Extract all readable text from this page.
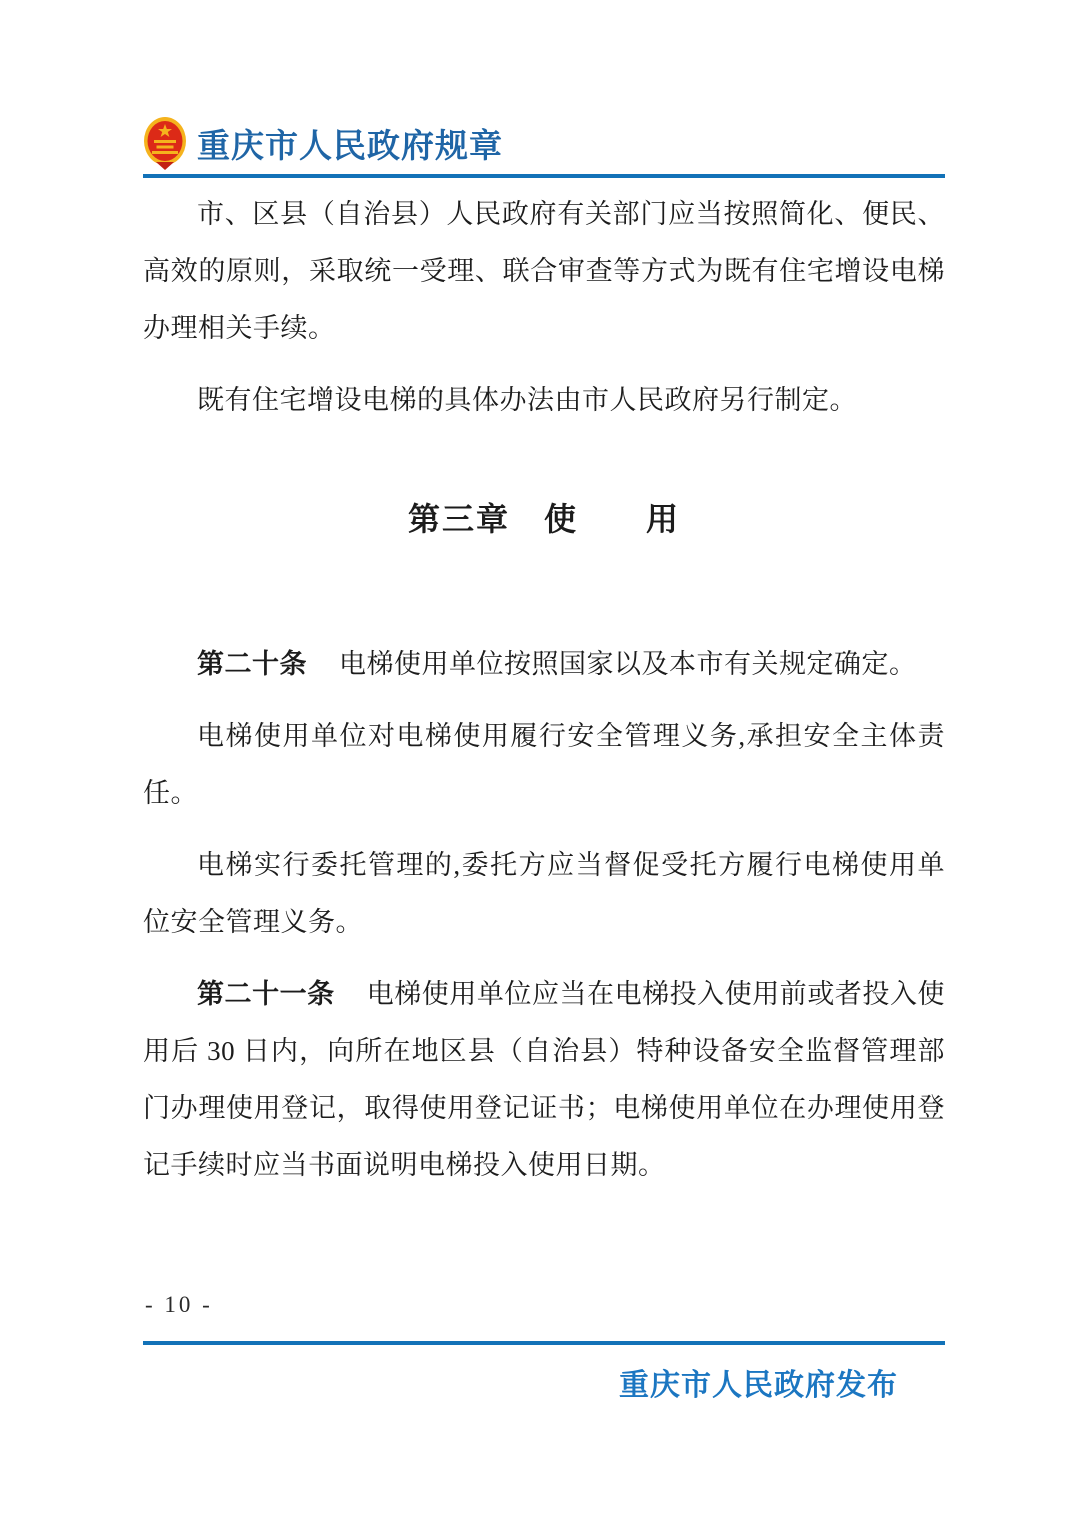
重庆市人民政府规章

市、区县（自治县）人民政府有关部门应当按照简化、便民、高效的原则，采取统一受理、联合审查等方式为既有住宅增设电梯办理相关手续。

既有住宅增设电梯的具体办法由市人民政府另行制定。

第三章　使　　用

第二十条 电梯使用单位按照国家以及本市有关规定确定。

电梯使用单位对电梯使用履行安全管理义务,承担安全主体责任。

电梯实行委托管理的,委托方应当督促受托方履行电梯使用单位安全管理义务。

第二十一条 电梯使用单位应当在电梯投入使用前或者投入使用后 30 日内，向所在地区县（自治县）特种设备安全监督管理部门办理使用登记，取得使用登记证书；电梯使用单位在办理使用登记手续时应当书面说明电梯投入使用日期。

- 10 -
重庆市人民政府发布
